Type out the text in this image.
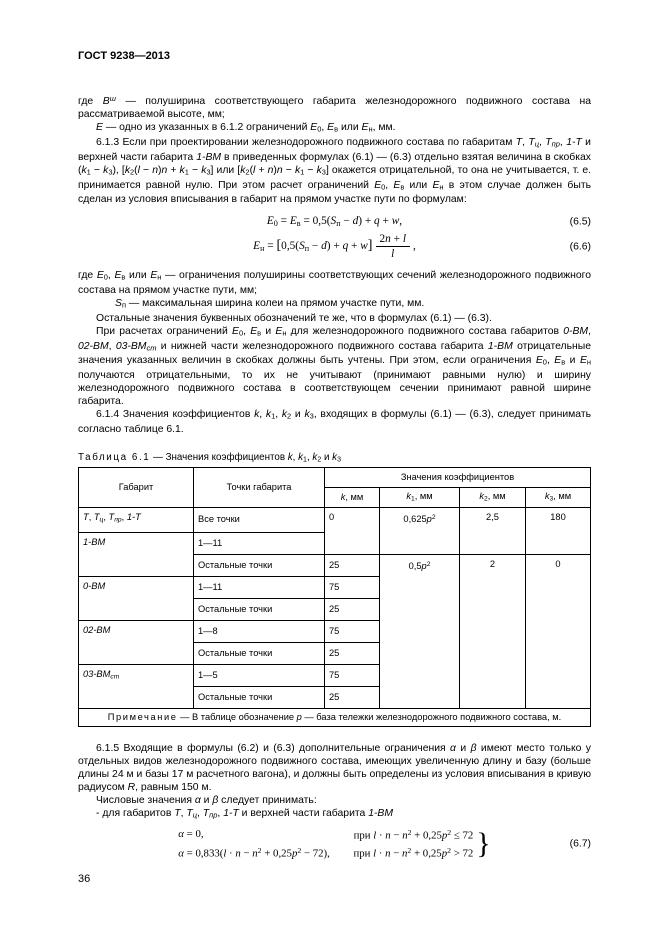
ГОСТ 9238—2013

где $В^ш$ — полуширина соответствующего габарита железнодорожного подвижного состава на рассматриваемой высоте, мм;

Е — одно из указанных в 6.1.2 ограничений Е0, Ев или Ен, мм.

6.1.3 Если при проектировании железнодорожного подвижного состава по габаритам Т, Тц, Тпр, 1-Т и верхней части габарита 1-ВМ в приведенных формулах (6.1) — (6.3) отдельно взятая величина в скобках (k1 − k3), [k2(l − n)n + k1 − k3] или [k2(l + n)n − k1 − k3] окажется отрицательной, то она не учитывается, т. е. принимается равной нулю. При этом расчет ограничений Е0, Ев или Ен в этом случае должен быть сделан из условия вписывания в габарит на прямом участке пути по формулам:

Е0 = Ев = 0,5(Sп − d) + q + w,	(6.5)
Ен = $[0,5(Sп - d) + q + w] \frac{2n + l}{l}$ ,	(6.6)

где Е0, Ев или Ен — ограничения полуширины соответствующих сечений железнодорожного подвижного состава на прямом участке пути, мм;

Sп — максимальная ширина колеи на прямом участке пути, мм.

Остальные значения буквенных обозначений те же, что в формулах (6.1) — (6.3).

При расчетах ограничений Е0, Ев и Ен для железнодорожного подвижного состава габаритов 0-ВМ, 02-ВМ, 03-ВМст и нижней части железнодорожного подвижного состава габарита 1-ВМ отрицательные значения указанных величин в скобках должны быть учтены. При этом, если ограничения Е0, Ев и Ен получаются отрицательными, то их не учитывают (принимают равными нулю) и ширину железнодорожного подвижного состава в соответствующем сечении принимают равной ширине габарита.

6.1.4 Значения коэффициентов k, k1, k2 и k3, входящих в формулы (6.1) — (6.3), следует принимать согласно таблице 6.1.

Таблица 6.1 — Значения коэффициентов k, k1, k2 и k3
Габарит	Точки габарита	Значения коэффициентов			
		k, мм	k1, мм	k2, мм	k3, мм
Т, Тц, Тпр, 1-Т	Все точки	0	$0,625p^2$	2,5	180
1-ВМ	1—11				
	Остальные точки	25	$0,5p^2$	2	0
0-ВМ	1—11	75			
	Остальные точки	25			
02-ВМ	1—8	75			
	Остальные точки	25			
03-ВМст	1—5	75			
	Остальные точки	25			
Примечание — В таблице обозначение p — база тележки железнодорожного подвижного состава, м.					

6.1.5 Входящие в формулы (6.2) и (6.3) дополнительные ограничения α и β имеют место только у отдельных видов железнодорожного подвижного состава, имеющих увеличенную длину и базу (больше длины 24 м и базы 17 м расчетного вагона), и должны быть определены из условия вписывания в кривую радиусом R, равным 150 м.

Числовые значения α и β следует принимать:

- для габаритов Т, Тц, Тпр, 1-Т и верхней части габарита 1-ВМ

α = 0,	при $l \cdot n - n^2 + 0,25p^2 \le 72$
$\alpha = 0,833(l \cdot n - n^2 + 0,25p^2 - 72)$, при $l \cdot n - n^2 + 0,25p^2 > 72$ }	(6.7)
36
